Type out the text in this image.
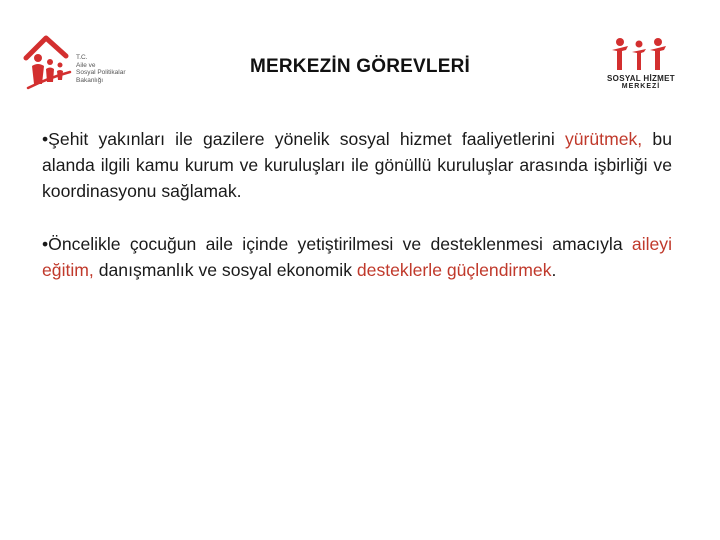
T.C.
Aile ve
Sosyal Politikalar
Bakanlığı
MERKEZİN GÖREVLERİ
SOSYAL HİZMET
MERKEZİ

•Şehit yakınları ile gazilere yönelik sosyal hizmet faaliyetlerini yürütmek, bu alanda ilgili kamu kurum ve kuruluşları ile gönüllü kuruluşlar arasında işbirliği ve koordinasyonu sağlamak.

•Öncelikle çocuğun aile içinde yetiştirilmesi ve desteklenmesi amacıyla aileyi eğitim, danışmanlık ve sosyal ekonomik desteklerle güçlendirmek.
